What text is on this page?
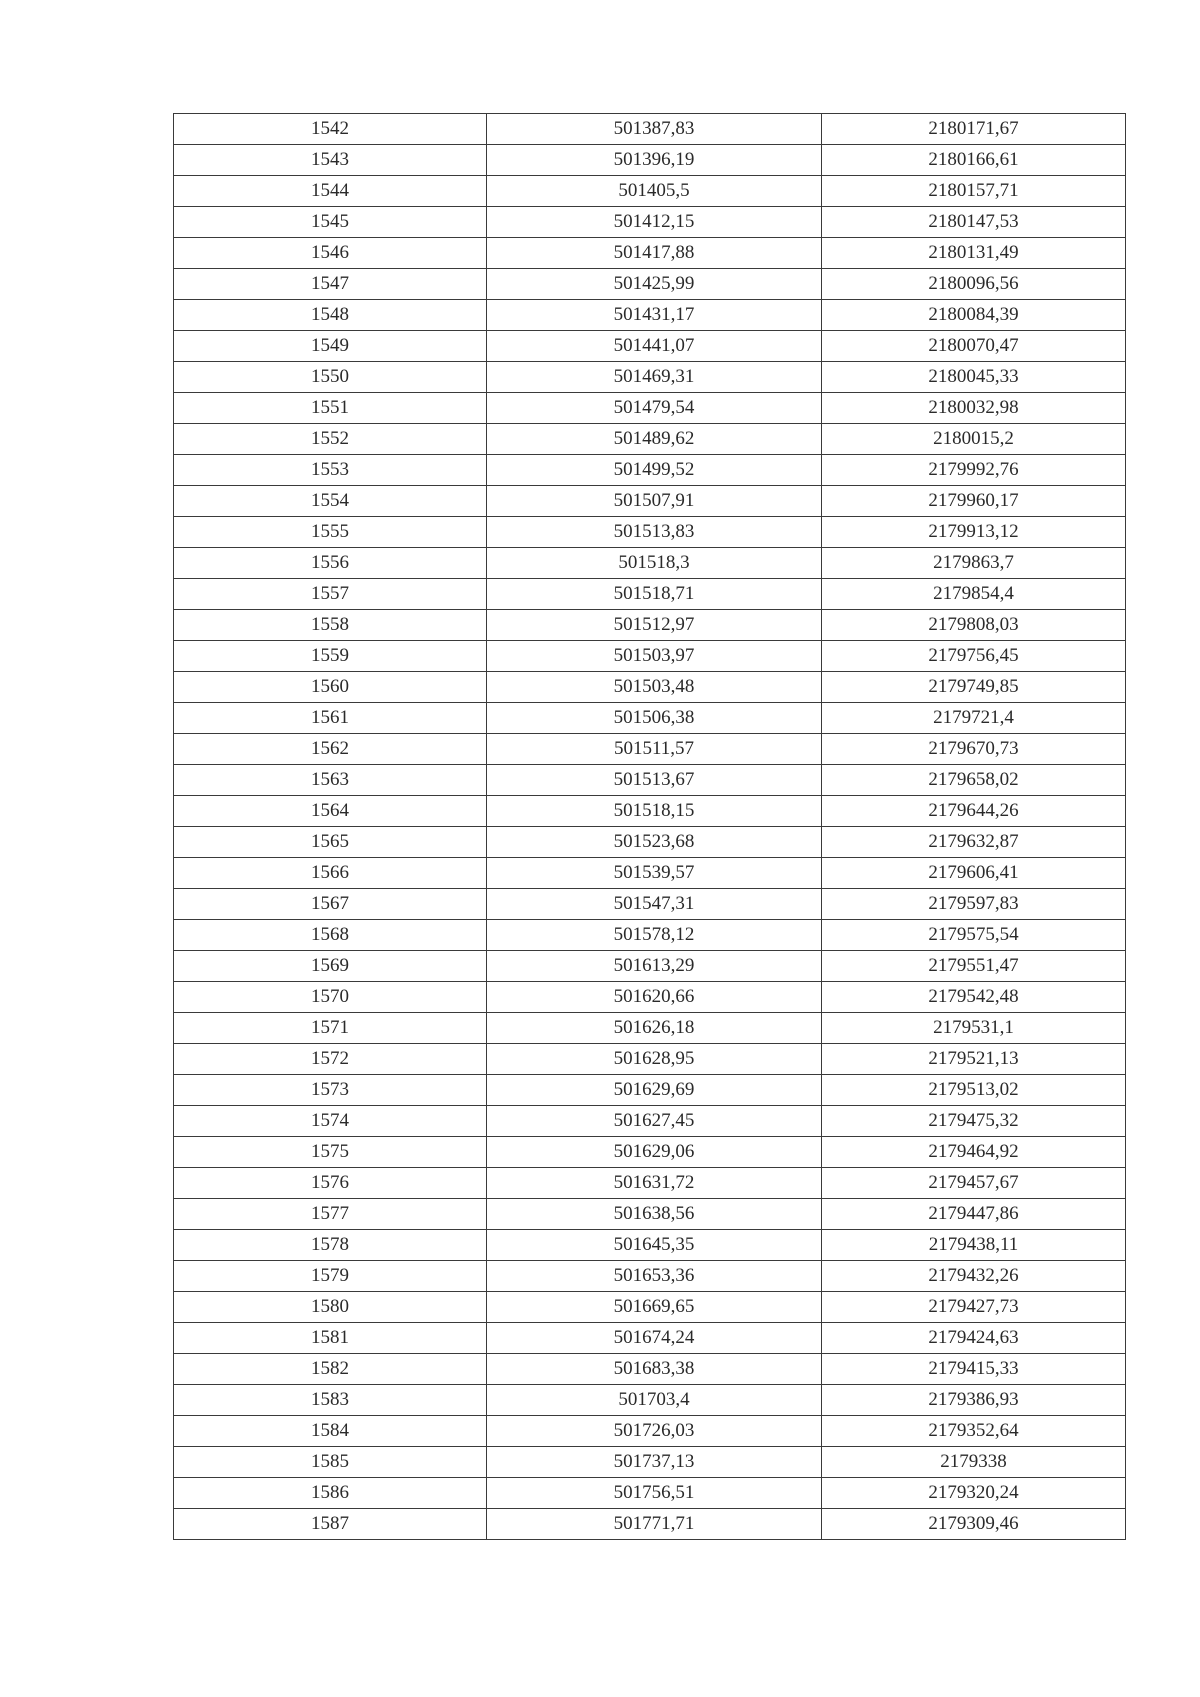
1542	501387,83	2180171,67
1543	501396,19	2180166,61
1544	501405,5	2180157,71
1545	501412,15	2180147,53
1546	501417,88	2180131,49
1547	501425,99	2180096,56
1548	501431,17	2180084,39
1549	501441,07	2180070,47
1550	501469,31	2180045,33
1551	501479,54	2180032,98
1552	501489,62	2180015,2
1553	501499,52	2179992,76
1554	501507,91	2179960,17
1555	501513,83	2179913,12
1556	501518,3	2179863,7
1557	501518,71	2179854,4
1558	501512,97	2179808,03
1559	501503,97	2179756,45
1560	501503,48	2179749,85
1561	501506,38	2179721,4
1562	501511,57	2179670,73
1563	501513,67	2179658,02
1564	501518,15	2179644,26
1565	501523,68	2179632,87
1566	501539,57	2179606,41
1567	501547,31	2179597,83
1568	501578,12	2179575,54
1569	501613,29	2179551,47
1570	501620,66	2179542,48
1571	501626,18	2179531,1
1572	501628,95	2179521,13
1573	501629,69	2179513,02
1574	501627,45	2179475,32
1575	501629,06	2179464,92
1576	501631,72	2179457,67
1577	501638,56	2179447,86
1578	501645,35	2179438,11
1579	501653,36	2179432,26
1580	501669,65	2179427,73
1581	501674,24	2179424,63
1582	501683,38	2179415,33
1583	501703,4	2179386,93
1584	501726,03	2179352,64
1585	501737,13	2179338
1586	501756,51	2179320,24
1587	501771,71	2179309,46
